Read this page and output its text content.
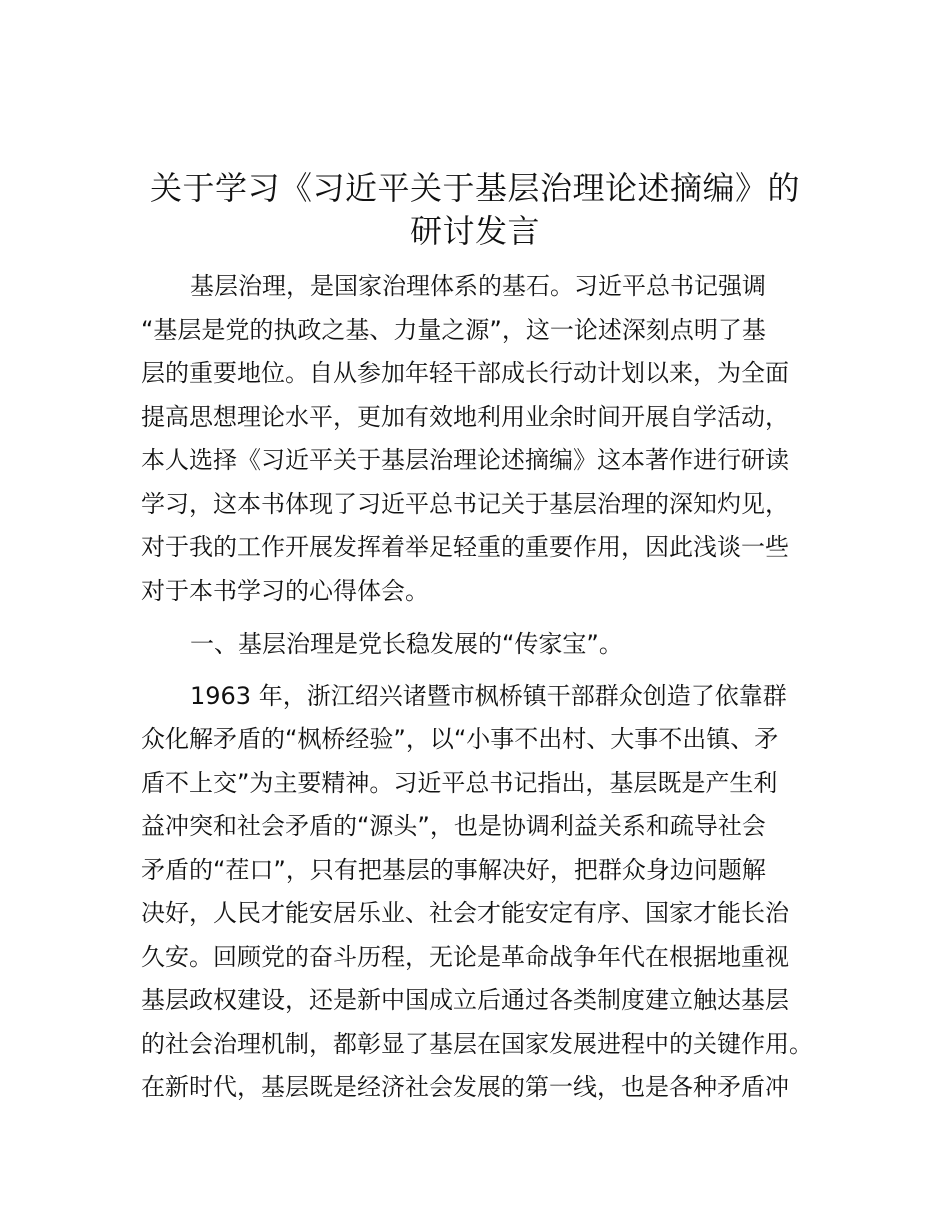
关于学习《习近平关于基层治理论述摘编》的
研讨发言

基层治理，是国家治理体系的基石。习近平总书记强调

“基层是党的执政之基、力量之源”，这一论述深刻点明了基

层的重要地位。自从参加年轻干部成长行动计划以来，为全面

提高思想理论水平，更加有效地利用业余时间开展自学活动，

本人选择《习近平关于基层治理论述摘编》这本著作进行研读

学习，这本书体现了习近平总书记关于基层治理的深知灼见，

对于我的工作开展发挥着举足轻重的重要作用，因此浅谈一些

对于本书学习的心得体会。

一、基层治理是党长稳发展的“传家宝”。

1963 年，浙江绍兴诸暨市枫桥镇干部群众创造了依靠群

众化解矛盾的“枫桥经验”，以“小事不出村、大事不出镇、矛

盾不上交”为主要精神。习近平总书记指出，基层既是产生利

益冲突和社会矛盾的“源头”，也是协调利益关系和疏导社会

矛盾的“茬口”，只有把基层的事解决好，把群众身边问题解

决好，人民才能安居乐业、社会才能安定有序、国家才能长治

久安。回顾党的奋斗历程，无论是革命战争年代在根据地重视

基层政权建设，还是新中国成立后通过各类制度建立触达基层

的社会治理机制，都彰显了基层在国家发展进程中的关键作用。

在新时代，基层既是经济社会发展的第一线，也是各种矛盾冲
